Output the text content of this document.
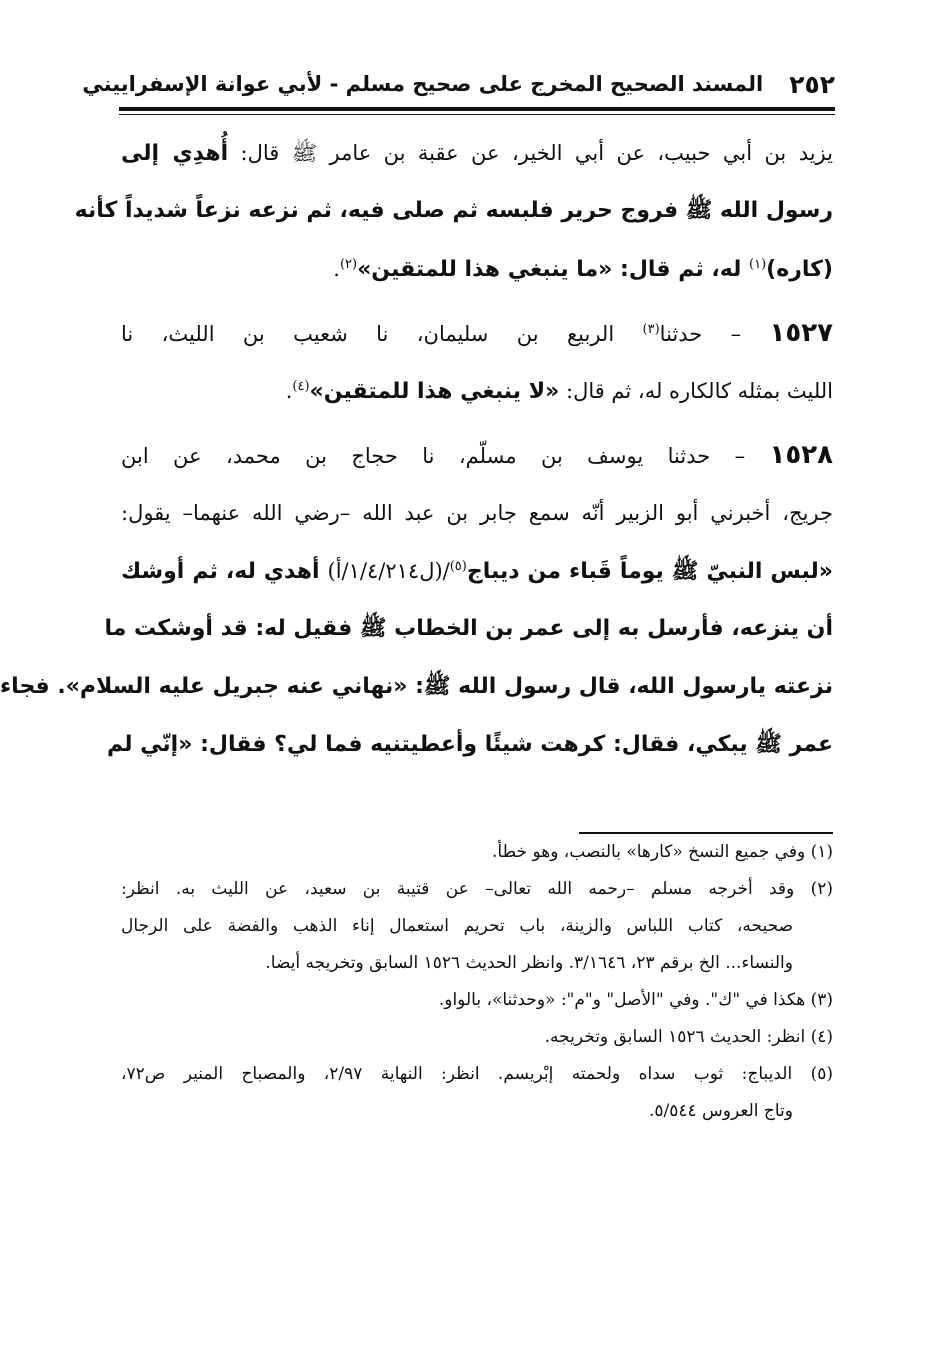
٢٥٢
المسند الصحيح المخرج على صحيح مسلم - لأبي عوانة الإسفراييني
يزيد بن أبي حبيب، عن أبي الخير، عن عقبة بن عامر ﷺ قال: أُهدِي إلى
رسول الله ﷺ فروج حرير فلبسه ثم صلى فيه، ثم نزعه نزعاً شديداً كأنه
(كاره)$^{(١)}$ له، ثم قال: «ما ينبغي هذا للمتقين»$^{(٢)}$.
١٥٢٧ – حدثنا$^{(٣)}$ الربيع بن سليمان، نا شعيب بن الليث، نا
الليث بمثله كالكاره له، ثم قال: «لا ينبغي هذا للمتقين»$^{(٤)}$.
١٥٢٨ – حدثنا يوسف بن مسلّم، نا حجاج بن محمد، عن ابن
جريج، أخبرني أبو الزبير أنّه سمع جابر بن عبد الله –رضي الله عنهما– يقول:
«لبس النبيّ ﷺ يوماً قَباء من ديباج$^{(٥)}$/(ل١/٤/٢١٤/أ) أهدي له، ثم أوشك
أن ينزعه، فأرسل به إلى عمر بن الخطاب ﷺ فقيل له: قد أوشكت ما
نزعته يارسول الله، قال رسول الله ﷺ: «نهاني عنه جبريل عليه السلام». فجاء
عمر ﷺ يبكي، فقال: كرهت شيئًا وأعطيتنيه فما لي؟ فقال: «إنّي لم
(١) وفي جميع النسخ «كارها» بالنصب، وهو خطأ.
(٢) وقد أخرجه مسلم –رحمه الله تعالى– عن قتيبة بن سعيد، عن الليث به. انظر:
صحيحه، كتاب اللباس والزينة، باب تحريم استعمال إناء الذهب والفضة على الرجال
والنساء... الخ برقم ٢٣، ٣/١٦٤٦. وانظر الحديث ١٥٢٦ السابق وتخريجه أيضا.
(٣) هكذا في "ك". وفي "الأصل" و"م": «وحدثنا»، بالواو.
(٤) انظر: الحديث ١٥٢٦ السابق وتخريجه.
(٥) الديباج: ثوب سداه ولحمته إبْريسم. انظر: النهاية ٢/٩٧، والمصباح المنير ص٧٢،
وتاج العروس ٥/٥٤٤.
